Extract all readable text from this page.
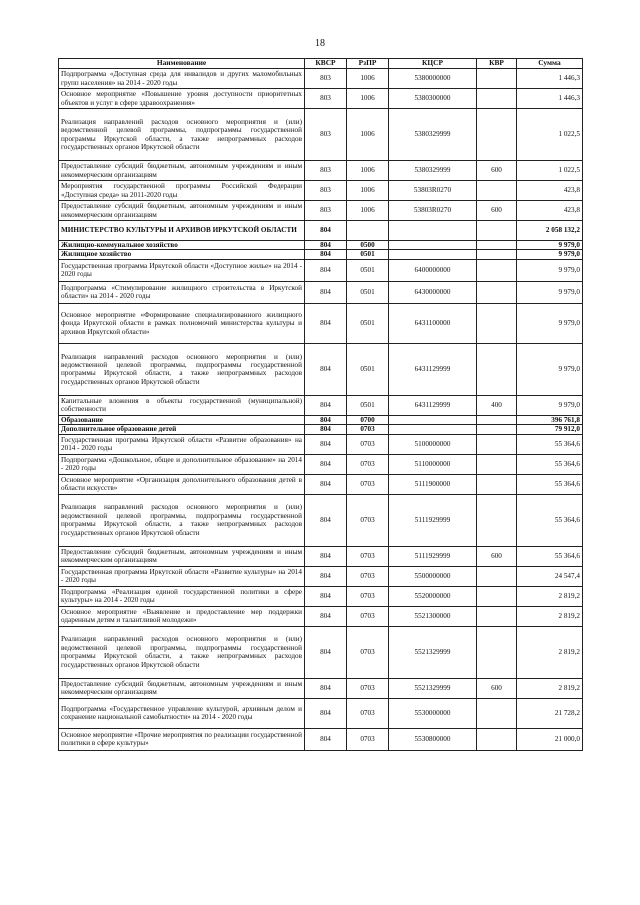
18
Наименование	КВСР	РзПР	КЦСР	КВР	Сумма
Подпрограмма «Доступная среда для инвалидов и других маломобильных групп населения» на 2014 - 2020 годы	803	1006	5380000000		1 446,3
Основное мероприятие «Повышение уровня доступности приоритетных объектов и услуг в сфере здравоохранения»	803	1006	5380300000		1 446,3
Реализация направлений расходов основного мероприятия и (или) ведомственной целевой программы, подпрограммы государственной программы Иркутской области, а также непрограммных расходов государственных органов Иркутской области	803	1006	5380329999		1 022,5
Предоставление субсидий бюджетным, автономным учреждениям и иным некоммерческим организациям	803	1006	5380329999	600	1 022,5
Мероприятия государственной программы Российской Федерации «Доступная среда» на 2011-2020 годы	803	1006	53803R0270		423,8
Предоставление субсидий бюджетным, автономным учреждениям и иным некоммерческим организациям	803	1006	53803R0270	600	423,8
МИНИСТЕРСТВО КУЛЬТУРЫ И АРХИВОВ ИРКУТСКОЙ ОБЛАСТИ	804				2 058 132,2
Жилищно-коммунальное хозяйство	804	0500			9 979,0
Жилищное хозяйство	804	0501			9 979,0
Государственная программа Иркутской области «Доступное жилье» на 2014 - 2020 годы	804	0501	6400000000		9 979,0
Подпрограмма «Стимулирование жилищного строительства в Иркутской области» на 2014 - 2020 годы	804	0501	6430000000		9 979,0
Основное мероприятие «Формирование специализированного жилищного фонда Иркутской области в рамках полномочий министерства культуры и архивов Иркутской области»	804	0501	6431100000		9 979,0
Реализация направлений расходов основного мероприятия и (или) ведомственной целевой программы, подпрограммы государственной программы Иркутской области, а также непрограммных расходов государственных органов Иркутской области	804	0501	6431129999		9 979,0
Капитальные вложения в объекты государственной (муниципальной) собственности	804	0501	6431129999	400	9 979,0
Образование	804	0700			396 761,8
Дополнительное образование детей	804	0703			79 912,0
Государственная программа Иркутской области «Развитие образования» на 2014 - 2020 годы	804	0703	5100000000		55 364,6
Подпрограмма «Дошкольное, общее и дополнительное образование» на 2014 - 2020 годы	804	0703	5110000000		55 364,6
Основное мероприятие «Организация дополнительного образования детей в области искусств»	804	0703	5111900000		55 364,6
Реализация направлений расходов основного мероприятия и (или) ведомственной целевой программы, подпрограммы государственной программы Иркутской области, а также непрограммных расходов государственных органов Иркутской области	804	0703	5111929999		55 364,6
Предоставление субсидий бюджетным, автономным учреждениям и иным некоммерческим организациям	804	0703	5111929999	600	55 364,6
Государственная программа Иркутской области «Развитие культуры» на 2014 - 2020 годы	804	0703	5500000000		24 547,4
Подпрограмма «Реализация единой государственной политики в сфере культуры» на 2014 - 2020 годы	804	0703	5520000000		2 819,2
Основное мероприятие «Выявление и предоставление мер поддержки одаренным детям и талантливой молодежи»	804	0703	5521300000		2 819,2
Реализация направлений расходов основного мероприятия и (или) ведомственной целевой программы, подпрограммы государственной программы Иркутской области, а также непрограммных расходов государственных органов Иркутской области	804	0703	5521329999		2 819,2
Предоставление субсидий бюджетным, автономным учреждениям и иным некоммерческим организациям	804	0703	5521329999	600	2 819,2
Подпрограмма «Государственное управление культурой, архивным делом и сохранение национальной самобытности» на 2014 - 2020 годы	804	0703	5530000000		21 728,2
Основное мероприятие «Прочие мероприятия по реализации государственной политики в сфере культуры»	804	0703	5530800000		21 000,0
